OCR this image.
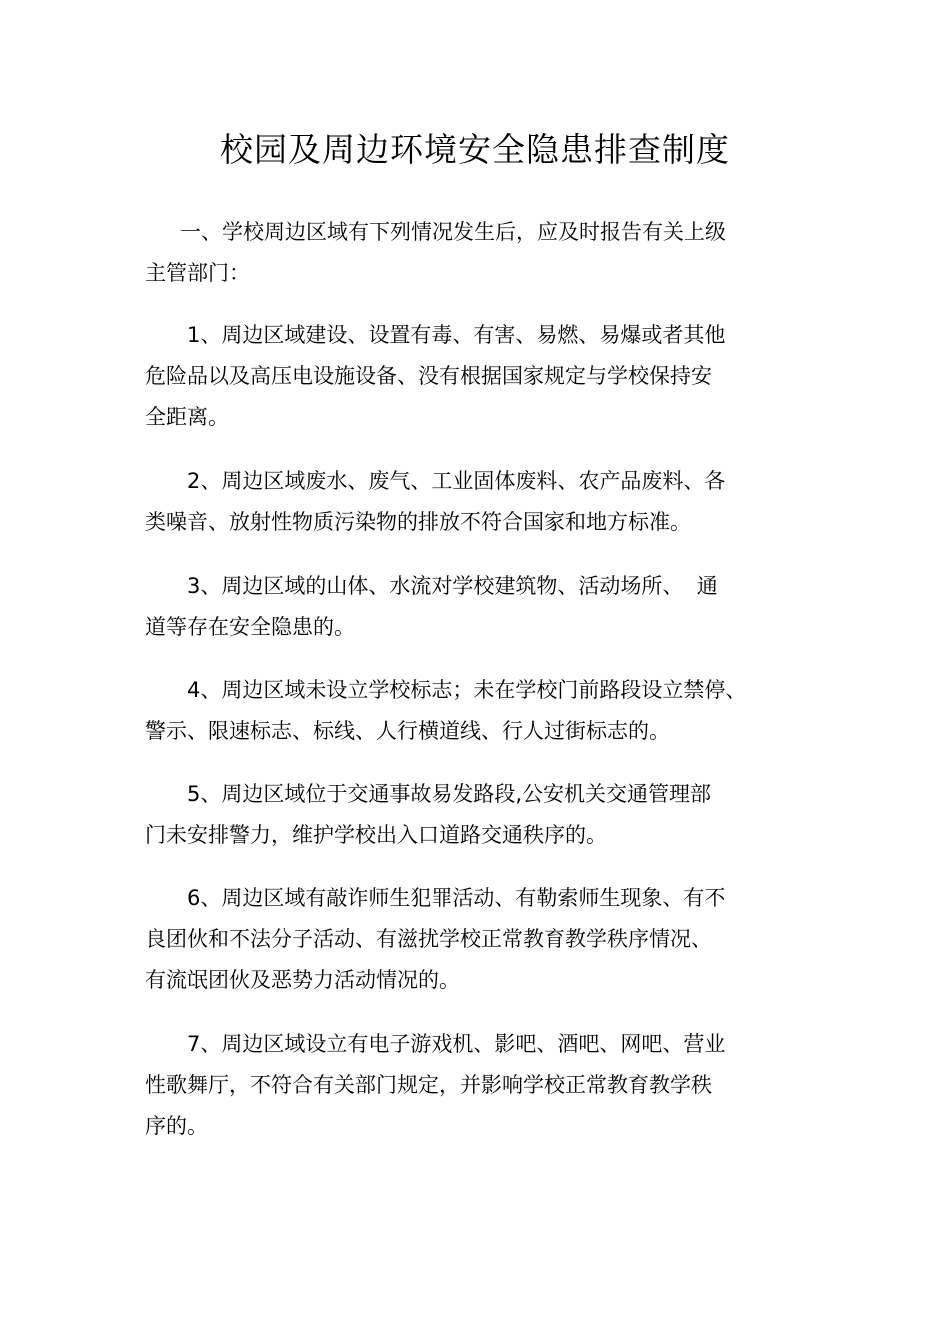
校园及周边环境安全隐患排查制度
一、学校周边区域有下列情况发生后，应及时报告有关上级
主管部门：
1、周边区域建设、设置有毒、有害、易燃、易爆或者其他
危险品以及高压电设施设备、没有根据国家规定与学校保持安
全距离。
2、周边区域废水、废气、工业固体废料、农产品废料、各
类噪音、放射性物质污染物的排放不符合国家和地方标准。
3、周边区域的山体、水流对学校建筑物、活动场所、  通
道等存在安全隐患的。
4、周边区域未设立学校标志；未在学校门前路段设立禁停、
警示、限速标志、标线、人行横道线、行人过街标志的。
5、周边区域位于交通事故易发路段,公安机关交通管理部
门未安排警力，维护学校出入口道路交通秩序的。
6、周边区域有敲诈师生犯罪活动、有勒索师生现象、有不
良团伙和不法分子活动、有滋扰学校正常教育教学秩序情况、
有流氓团伙及恶势力活动情况的。
7、周边区域设立有电子游戏机、影吧、酒吧、网吧、营业
性歌舞厅，不符合有关部门规定，并影响学校正常教育教学秩
序的。
